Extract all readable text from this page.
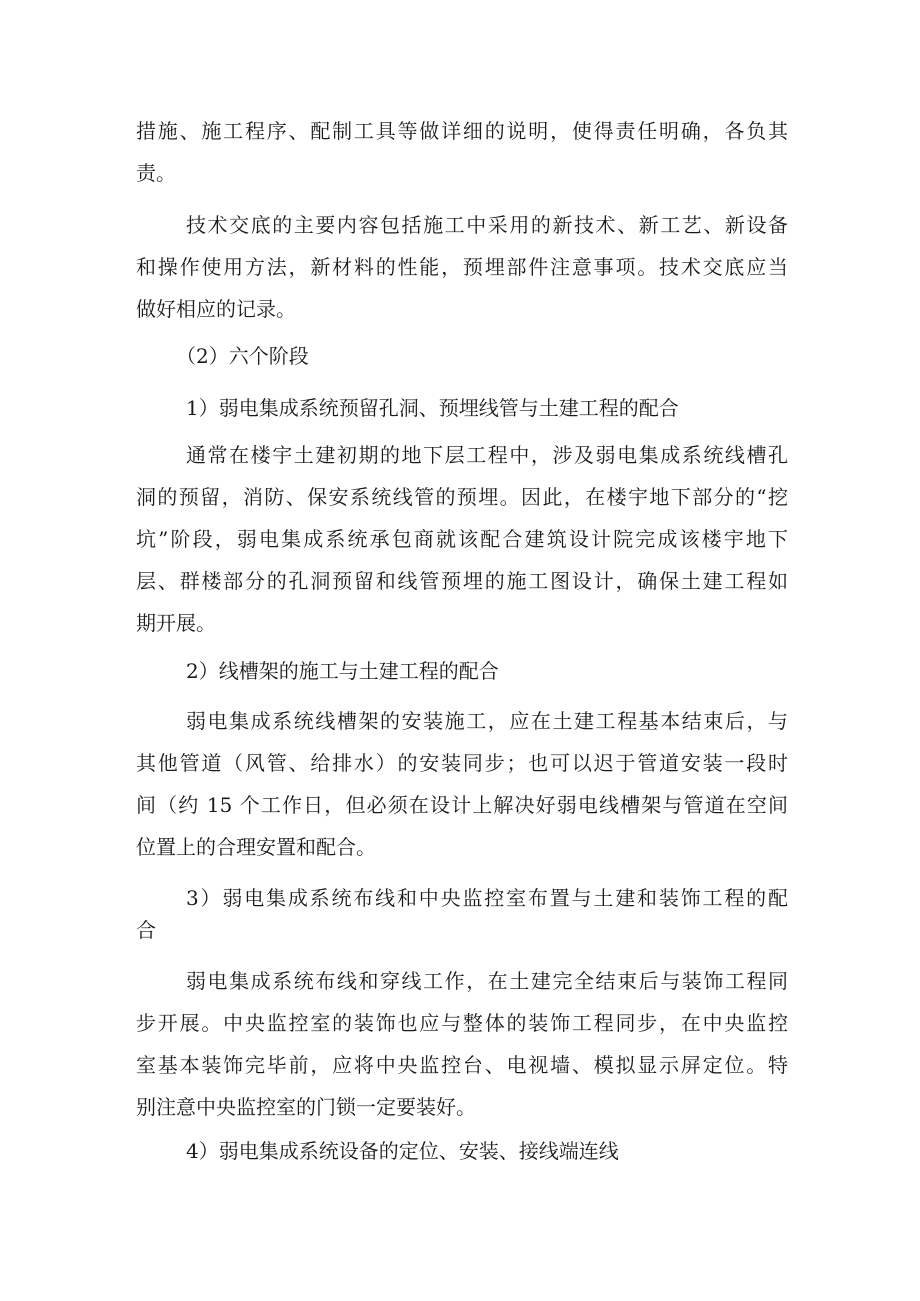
措施、施工程序、配制工具等做详细的说明，使得责任明确，各负其

责。

技术交底的主要内容包括施工中采用的新技术、新工艺、新设备

和操作使用方法，新材料的性能，预埋部件注意事项。技术交底应当

做好相应的记录。

（2）六个阶段

1）弱电集成系统预留孔洞、预埋线管与土建工程的配合

通常在楼宇土建初期的地下层工程中，涉及弱电集成系统线槽孔

洞的预留，消防、保安系统线管的预埋。因此，在楼宇地下部分的“挖

坑”阶段，弱电集成系统承包商就该配合建筑设计院完成该楼宇地下

层、群楼部分的孔洞预留和线管预埋的施工图设计，确保土建工程如

期开展。

2）线槽架的施工与土建工程的配合

弱电集成系统线槽架的安装施工，应在土建工程基本结束后，与

其他管道（风管、给排水）的安装同步；也可以迟于管道安装一段时

间（约 15 个工作日，但必须在设计上解决好弱电线槽架与管道在空间

位置上的合理安置和配合。

3）弱电集成系统布线和中央监控室布置与土建和装饰工程的配

合

弱电集成系统布线和穿线工作，在土建完全结束后与装饰工程同

步开展。中央监控室的装饰也应与整体的装饰工程同步，在中央监控

室基本装饰完毕前，应将中央监控台、电视墙、模拟显示屏定位。特

别注意中央监控室的门锁一定要装好。

4）弱电集成系统设备的定位、安装、接线端连线
